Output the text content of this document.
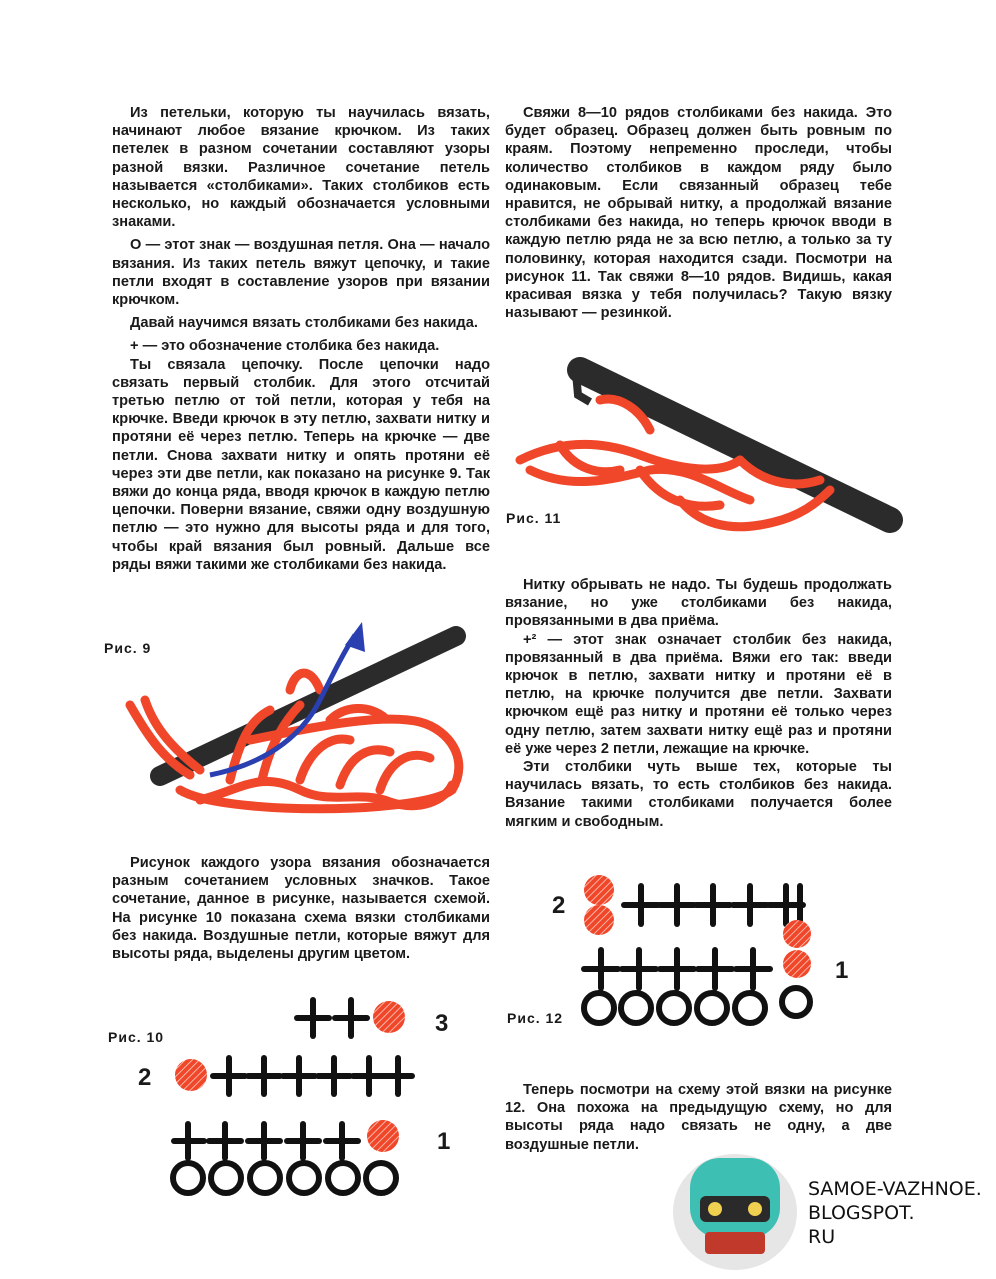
Из петельки, которую ты научилась вязать, начинают любое вязание крючком. Из таких петелек в разном сочетании составляют узоры разной вязки. Различное сочетание петель называется «столбиками». Таких столбиков есть несколько, но каждый обозначается условными знаками.

О — этот знак — воздушная петля. Она — начало вязания. Из таких петель вяжут цепочку, и такие петли входят в составление узоров при вязании крючком.

Давай научимся вязать столбиками без накида.

+ — это обозначение столбика без накида.

Ты связала цепочку. После цепочки надо связать первый столбик. Для этого отсчитай третью петлю от той петли, которая у тебя на крючке. Введи крючок в эту петлю, захвати нитку и протяни её через петлю. Теперь на крючке — две петли. Снова захвати нитку и опять протяни её через эти две петли, как показано на рисунке 9. Так вяжи до конца ряда, вводя крючок в каждую петлю цепочки. Поверни вязание, свяжи одну воздушную петлю — это нужно для высоты ряда и для того, чтобы край вязания был ровный. Дальше все ряды вяжи такими же столбиками без накида.

Рис. 9

Рисунок каждого узора вязания обозначается разным сочетанием условных значков. Такое сочетание, данное в рисунке, называется схемой. На рисунке 10 показана схема вязки столбиками без накида. Воздушные петли, которые вяжут для высоты ряда, выделены другим цветом.

Рис. 10	3
2
1

Свяжи 8—10 рядов столбиками без накида. Это будет образец. Образец должен быть ровным по краям. Поэтому непременно проследи, чтобы количество столбиков в каждом ряду было одинаковым. Если связанный образец тебе нравится, не обрывай нитку, а продолжай вязание столбиками без накида, но теперь крючок вводи в каждую петлю ряда не за всю петлю, а только за ту половинку, которая находится сзади. Посмотри на рисунок 11. Так свяжи 8—10 рядов. Видишь, какая красивая вязка у тебя получилась? Такую вязку называют — резинкой.

Рис. 11

Нитку обрывать не надо. Ты будешь продолжать вязание, но уже столбиками без накида, провязанными в два приёма.

+² — этот знак означает столбик без накида, провязанный в два приёма. Вяжи его так: введи крючок в петлю, захвати нитку и протяни её в петлю, на крючке получится две петли. Захвати крючком ещё раз нитку и протяни её только через одну петлю, затем захвати нитку ещё раз и протяни её уже через 2 петли, лежащие на крючке.

Эти столбики чуть выше тех, которые ты научилась вязать, то есть столбиков без накида. Вязание такими столбиками получается более мягким и свободным.

Рис. 12
2
1

Теперь посмотри на схему этой вязки на рисунке 12. Она похожа на предыдущую схему, но для высоты ряда надо связать не одну, а две воздушные петли.

SAMOE-VAZHNOE.
BLOGSPOT.
RU
